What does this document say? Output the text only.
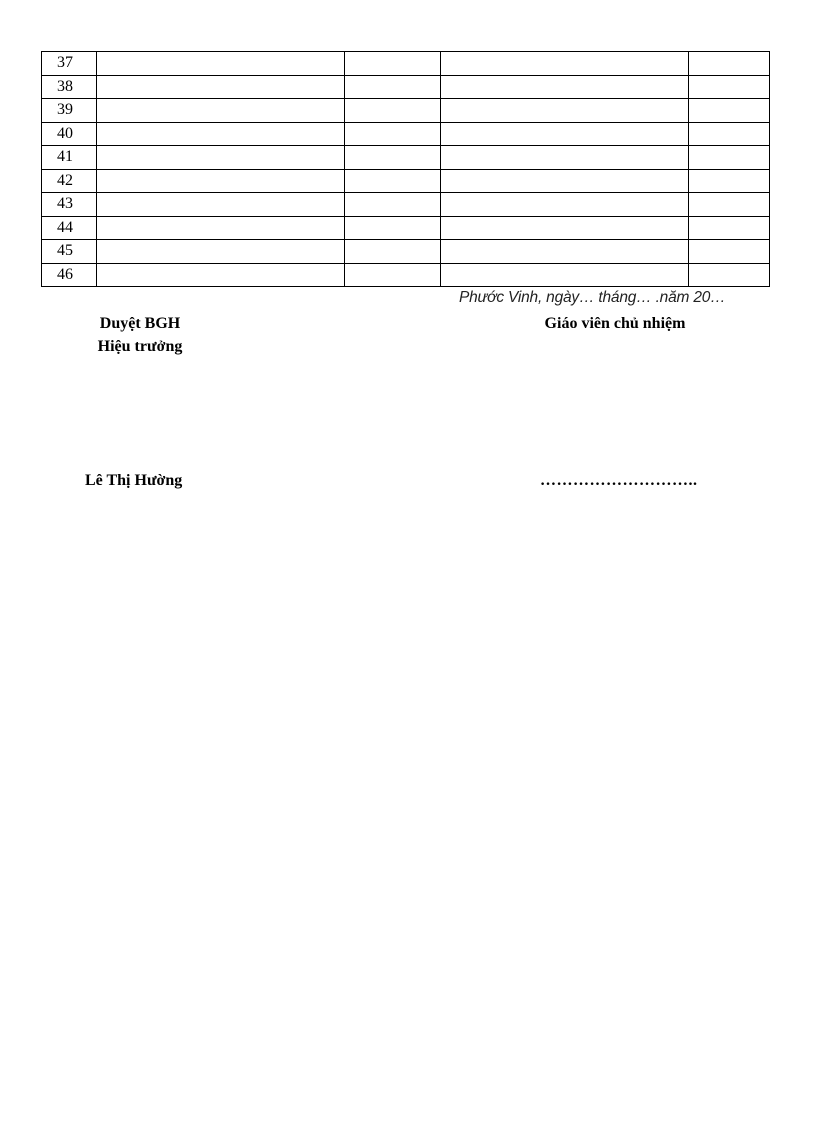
37				
38				
39				
40				
41				
42				
43				
44				
45				
46				
Phước Vinh, ngày… tháng… .năm 20…
Duyệt BGH
Hiệu trưởng
Giáo viên chủ nhiệm
Lê Thị Hường	………………………..
